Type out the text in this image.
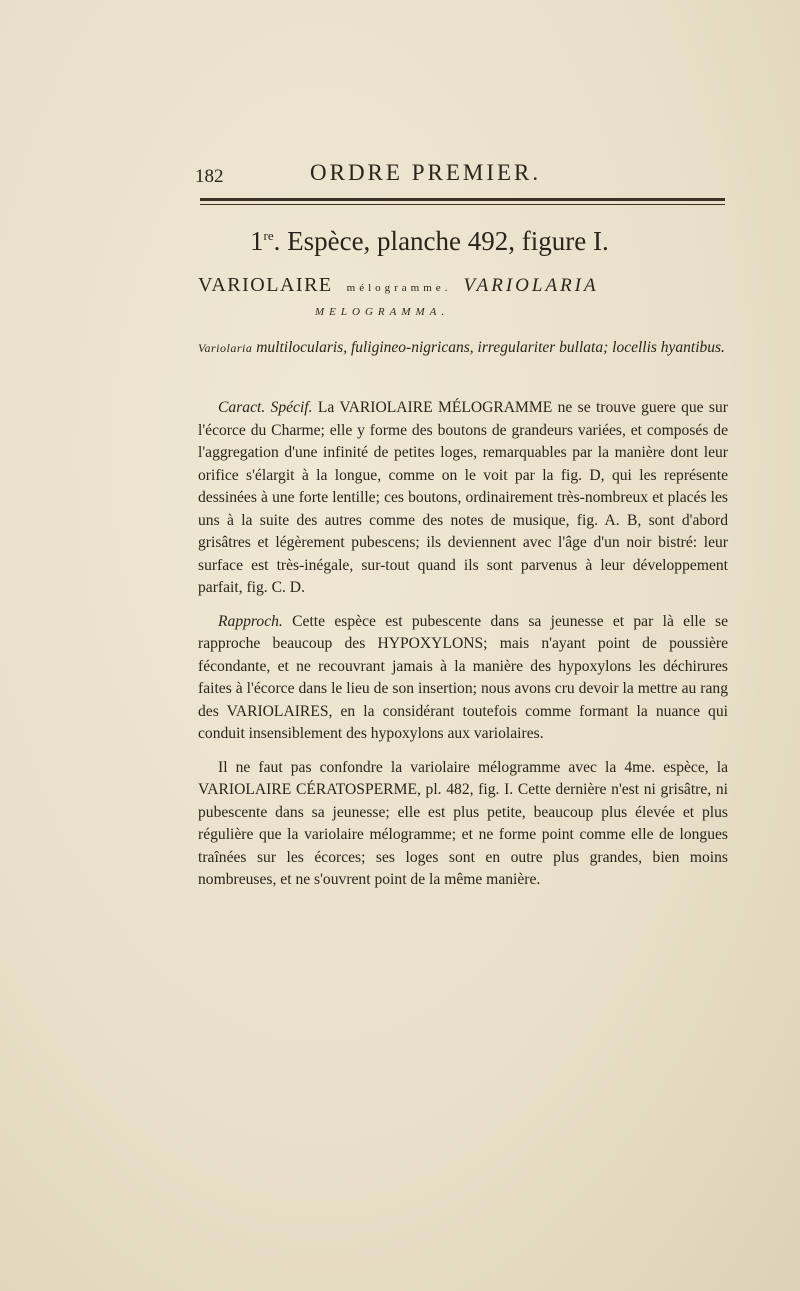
182	ORDRE PREMIER.
1re. Espèce, planche 492, figure I.
VARIOLAIRE mélogramme. VARIOLARIA
MELOGRAMMA.

Variolaria multilocularis, fuligineo-nigricans, irregulariter bullata; locellis hyantibus.

Caract. Spécif. La VARIOLAIRE MÉLOGRAMME ne se trouve guere que sur l'écorce du Charme; elle y forme des boutons de grandeurs variées, et composés de l'aggregation d'une infinité de petites loges, remarquables par la manière dont leur orifice s'élargit à la longue, comme on le voit par la fig. D, qui les représente dessinées à une forte lentille; ces boutons, ordinairement très-nombreux et placés les uns à la suite des autres comme des notes de musique, fig. A. B, sont d'abord grisâtres et légèrement pubescens; ils deviennent avec l'âge d'un noir bistré: leur surface est très-inégale, sur-tout quand ils sont parvenus à leur développement parfait, fig. C. D.

Rapproch. Cette espèce est pubescente dans sa jeunesse et par là elle se rapproche beaucoup des HYPOXYLONS; mais n'ayant point de poussière fécondante, et ne recouvrant jamais à la manière des hypoxylons les déchirures faites à l'écorce dans le lieu de son insertion; nous avons cru devoir la mettre au rang des VARIOLAIRES, en la considérant toutefois comme formant la nuance qui conduit insensiblement des hypoxylons aux variolaires.

Il ne faut pas confondre la variolaire mélogramme avec la 4me. espèce, la VARIOLAIRE CÉRATOSPERME, pl. 482, fig. I. Cette dernière n'est ni grisâtre, ni pubescente dans sa jeunesse; elle est plus petite, beaucoup plus élevée et plus régulière que la variolaire mélogramme; et ne forme point comme elle de longues traînées sur les écorces; ses loges sont en outre plus grandes, bien moins nombreuses, et ne s'ouvrent point de la même manière.
